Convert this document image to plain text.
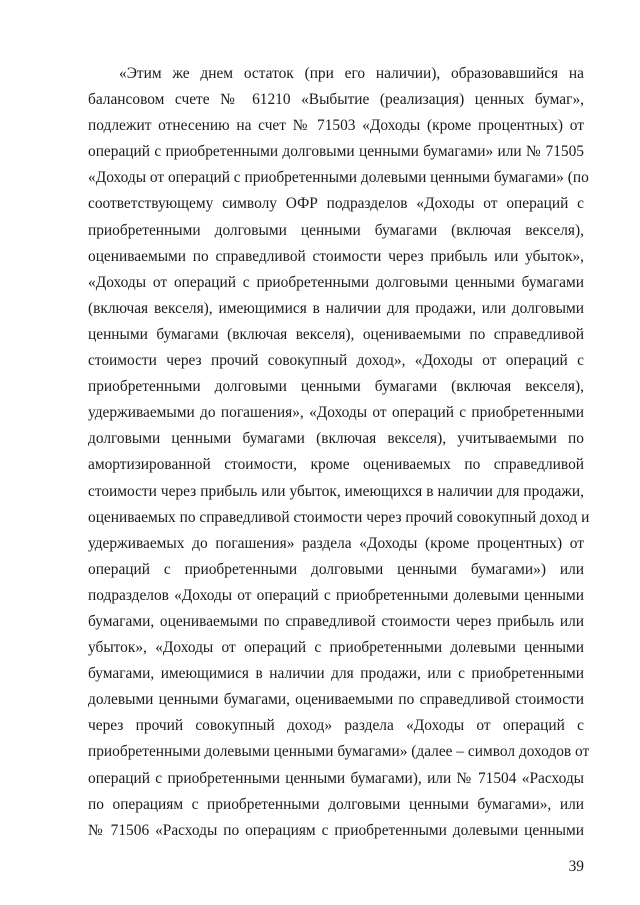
«Этим же днем остаток (при его наличии), образовавшийся на
балансовом счете № 61210 «Выбытие (реализация) ценных бумаг»,
подлежит отнесению на счет № 71503 «Доходы (кроме процентных) от
операций с приобретенными долговыми ценными бумагами» или № 71505
«Доходы от операций с приобретенными долевыми ценными бумагами» (по
соответствующему символу ОФР подразделов «Доходы от операций с
приобретенными долговыми ценными бумагами (включая векселя),
оцениваемыми по справедливой стоимости через прибыль или убыток»,
«Доходы от операций с приобретенными долговыми ценными бумагами
(включая векселя), имеющимися в наличии для продажи, или долговыми
ценными бумагами (включая векселя), оцениваемыми по справедливой
стоимости через прочий совокупный доход», «Доходы от операций с
приобретенными долговыми ценными бумагами (включая векселя),
удерживаемыми до погашения», «Доходы от операций с приобретенными
долговыми ценными бумагами (включая векселя), учитываемыми по
амортизированной стоимости, кроме оцениваемых по справедливой
стоимости через прибыль или убыток, имеющихся в наличии для продажи,
оцениваемых по справедливой стоимости через прочий совокупный доход и
удерживаемых до погашения» раздела «Доходы (кроме процентных) от
операций с приобретенными долговыми ценными бумагами») или
подразделов «Доходы от операций с приобретенными долевыми ценными
бумагами, оцениваемыми по справедливой стоимости через прибыль или
убыток», «Доходы от операций с приобретенными долевыми ценными
бумагами, имеющимися в наличии для продажи, или с приобретенными
долевыми ценными бумагами, оцениваемыми по справедливой стоимости
через прочий совокупный доход» раздела «Доходы от операций с
приобретенными долевыми ценными бумагами» (далее – символ доходов от
операций с приобретенными ценными бумагами), или № 71504 «Расходы
по операциям с приобретенными долговыми ценными бумагами», или
№ 71506 «Расходы по операциям с приобретенными долевыми ценными
39
